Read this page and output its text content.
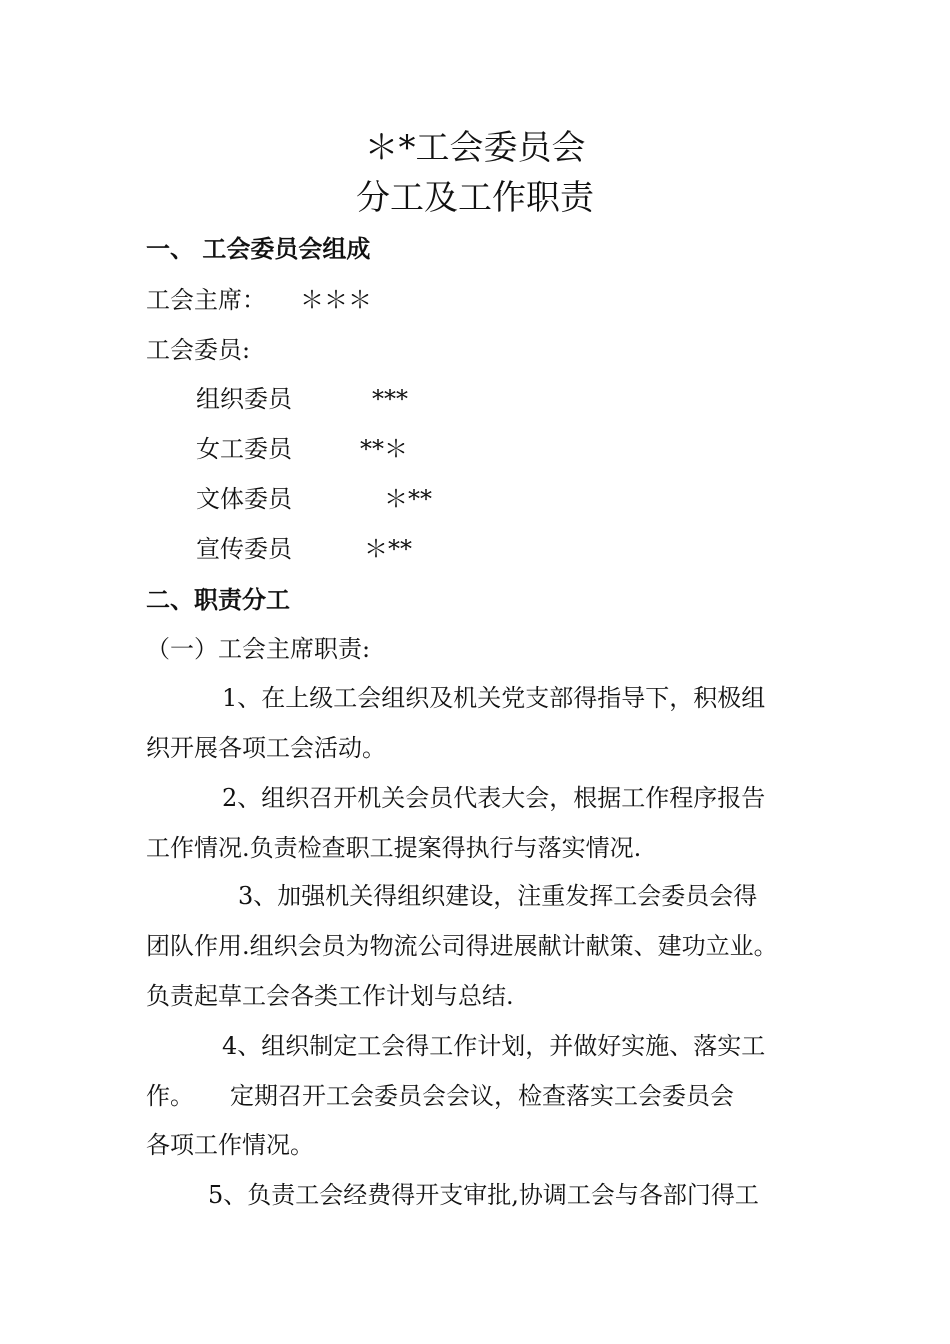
＊*工会委员会
分工及工作职责
一、 工会委员会组成
工会主席： ＊＊＊
工会委员:
组织委员	***
女工委员	**＊
文体委员	＊**
宣传委员	＊**
二、职责分工
（一）工会主席职责:
1、在上级工会组织及机关党支部得指导下，积极组
织开展各项工会活动。
2、组织召开机关会员代表大会，根据工作程序报告
工作情况.负责检查职工提案得执行与落实情况.
3、加强机关得组织建设，注重发挥工会委员会得
团队作用.组织会员为物流公司得进展献计献策、建功立业。
负责起草工会各类工作计划与总结.
4、组织制定工会得工作计划，并做好实施、落实工
作。　　定期召开工会委员会会议，检查落实工会委员会
各项工作情况。
5、负责工会经费得开支审批,协调工会与各部门得工
